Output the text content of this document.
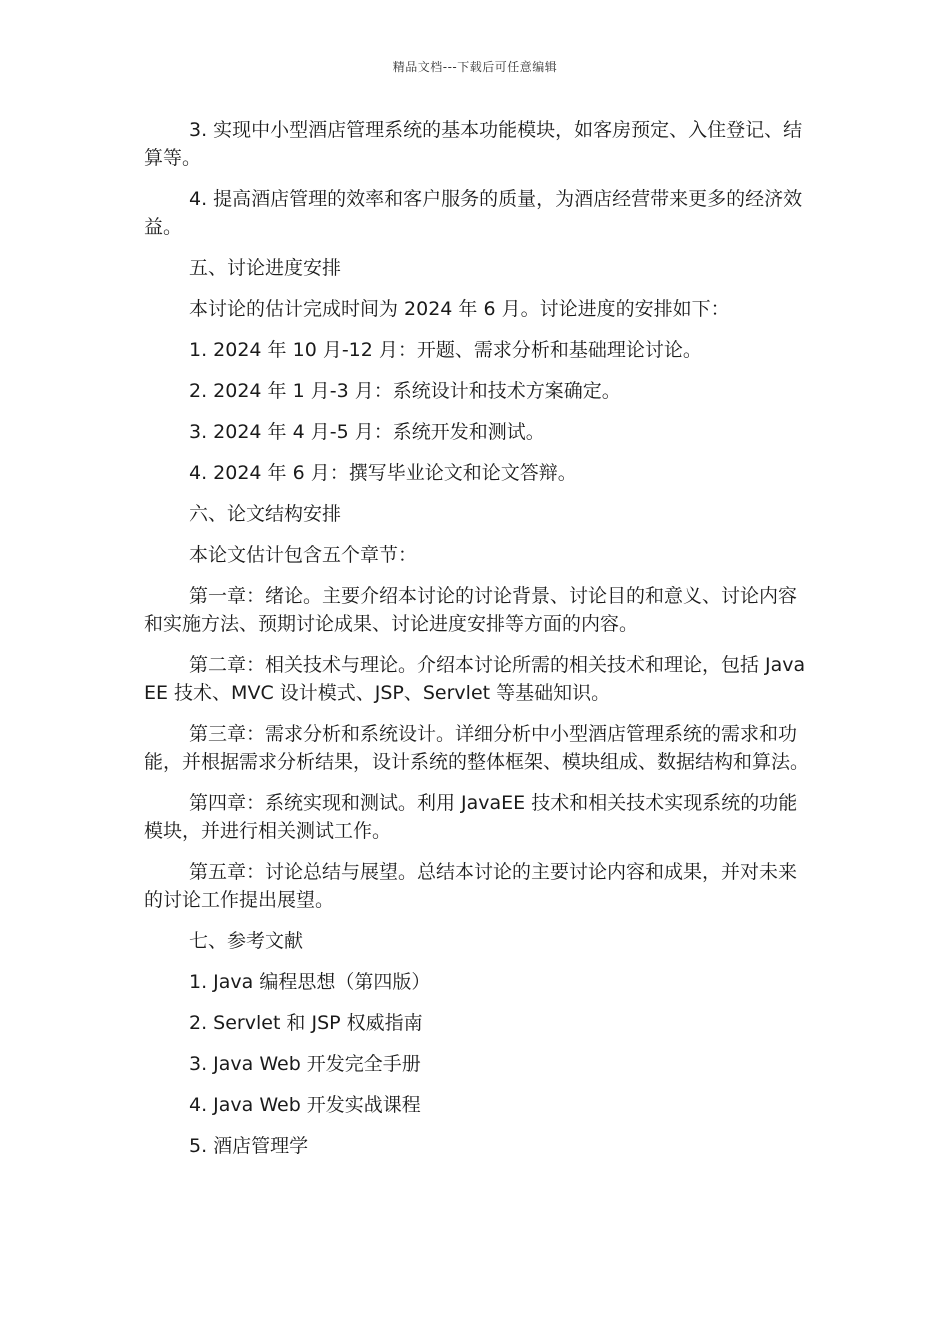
精品文档---下载后可任意编辑

3. 实现中小型酒店管理系统的基本功能模块，如客房预定、入住登记、结算等。

4. 提高酒店管理的效率和客户服务的质量，为酒店经营带来更多的经济效益。

五、讨论进度安排

本讨论的估计完成时间为 2024 年 6 月。讨论进度的安排如下：

1. 2024 年 10 月-12 月：开题、需求分析和基础理论讨论。

2. 2024 年 1 月-3 月：系统设计和技术方案确定。

3. 2024 年 4 月-5 月：系统开发和测试。

4. 2024 年 6 月：撰写毕业论文和论文答辩。

六、论文结构安排

本论文估计包含五个章节：

第一章：绪论。主要介绍本讨论的讨论背景、讨论目的和意义、讨论内容和实施方法、预期讨论成果、讨论进度安排等方面的内容。

第二章：相关技术与理论。介绍本讨论所需的相关技术和理论，包括 JavaEE 技术、MVC 设计模式、JSP、Servlet 等基础知识。

第三章：需求分析和系统设计。详细分析中小型酒店管理系统的需求和功能，并根据需求分析结果，设计系统的整体框架、模块组成、数据结构和算法。

第四章：系统实现和测试。利用 JavaEE 技术和相关技术实现系统的功能模块，并进行相关测试工作。

第五章：讨论总结与展望。总结本讨论的主要讨论内容和成果，并对未来的讨论工作提出展望。

七、参考文献

1. Java 编程思想（第四版）

2. Servlet 和 JSP 权威指南

3. Java Web 开发完全手册

4. Java Web 开发实战课程

5. 酒店管理学
